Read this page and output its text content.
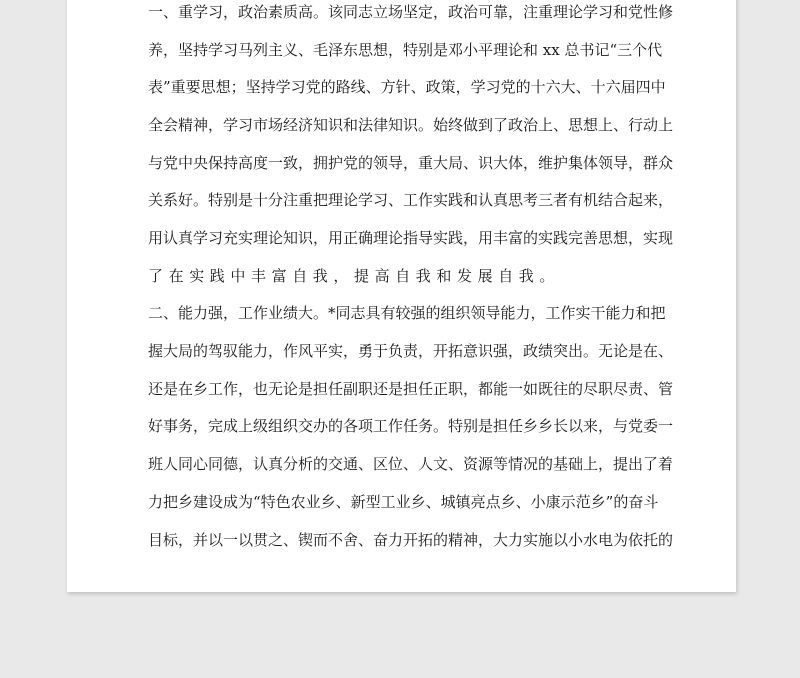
一、重学习，政治素质高。该同志立场坚定，政治可靠，注重理论学习和党性修
养，坚持学习马列主义、毛泽东思想，特别是邓小平理论和 xx 总书记“三个代
表”重要思想；坚持学习党的路线、方针、政策，学习党的十六大、十六届四中
全会精神，学习市场经济知识和法律知识。始终做到了政治上、思想上、行动上
与党中央保持高度一致，拥护党的领导，重大局、识大体，维护集体领导，群众
关系好。特别是十分注重把理论学习、工作实践和认真思考三者有机结合起来，
用认真学习充实理论知识，用正确理论指导实践，用丰富的实践完善思想，实现
了在实践中丰富自我，提高自我和发展自我。
二、能力强，工作业绩大。*同志具有较强的组织领导能力，工作实干能力和把
握大局的驾驭能力，作风平实，勇于负责，开拓意识强，政绩突出。无论是在、
还是在乡工作，也无论是担任副职还是担任正职，都能一如既往的尽职尽责、管
好事务，完成上级组织交办的各项工作任务。特别是担任乡乡长以来，与党委一
班人同心同德，认真分析的交通、区位、人文、资源等情况的基础上，提出了着
力把乡建设成为“特色农业乡、新型工业乡、城镇亮点乡、小康示范乡”的奋斗
目标，并以一以贯之、锲而不舍、奋力开拓的精神，大力实施以小水电为依托的
